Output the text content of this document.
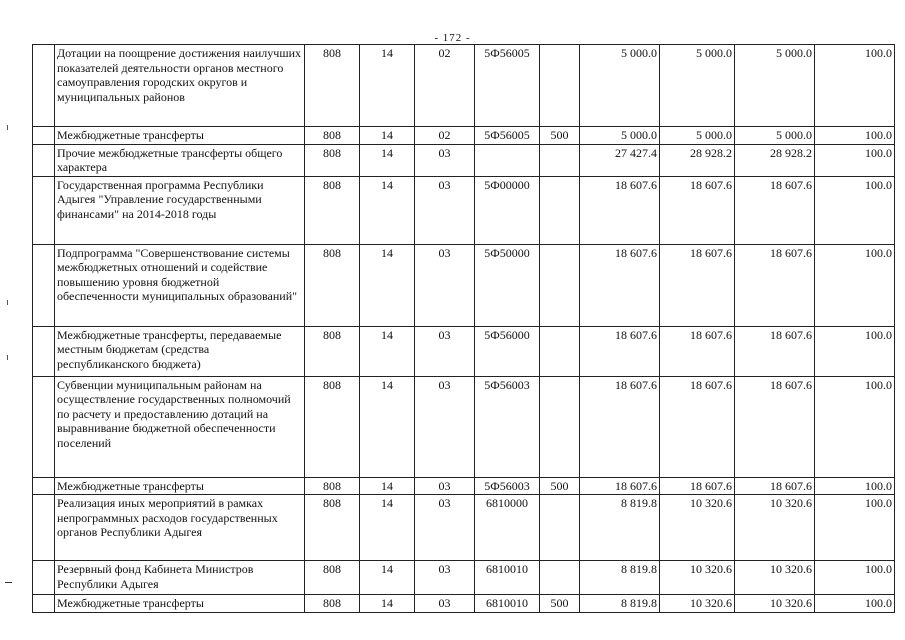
- 172 -
	Дотации на поощрение достижения наилучших показателей деятельности органов местного самоуправления городских округов и муниципальных районов	808	14	02	5Ф56005		5 000.0	5 000.0	5 000.0	100.0
	Межбюджетные трансферты	808	14	02	5Ф56005	500	5 000.0	5 000.0	5 000.0	100.0
	Прочие межбюджетные трансферты общего характера	808	14	03			27 427.4	28 928.2	28 928.2	100.0
	Государственная программа Республики Адыгея "Управление государственными финансами" на 2014-2018 годы	808	14	03	5Ф00000		18 607.6	18 607.6	18 607.6	100.0
	Подпрограмма "Совершенствование системы межбюджетных отношений и содействие повышению уровня бюджетной обеспеченности муниципальных образований"	808	14	03	5Ф50000		18 607.6	18 607.6	18 607.6	100.0
	Межбюджетные трансферты, передаваемые местным бюджетам (средства республиканского бюджета)	808	14	03	5Ф56000		18 607.6	18 607.6	18 607.6	100.0
	Субвенции муниципальным районам на осуществление государственных полномочий по расчету и предоставлению дотаций на выравнивание бюджетной обеспеченности поселений	808	14	03	5Ф56003		18 607.6	18 607.6	18 607.6	100.0
	Межбюджетные трансферты	808	14	03	5Ф56003	500	18 607.6	18 607.6	18 607.6	100.0
	Реализация иных мероприятий в рамках непрограммных расходов государственных органов Республики Адыгея	808	14	03	6810000		8 819.8	10 320.6	10 320.6	100.0
	Резервный фонд Кабинета Министров Республики Адыгея	808	14	03	6810010		8 819.8	10 320.6	10 320.6	100.0
	Межбюджетные трансферты	808	14	03	6810010	500	8 819.8	10 320.6	10 320.6	100.0
